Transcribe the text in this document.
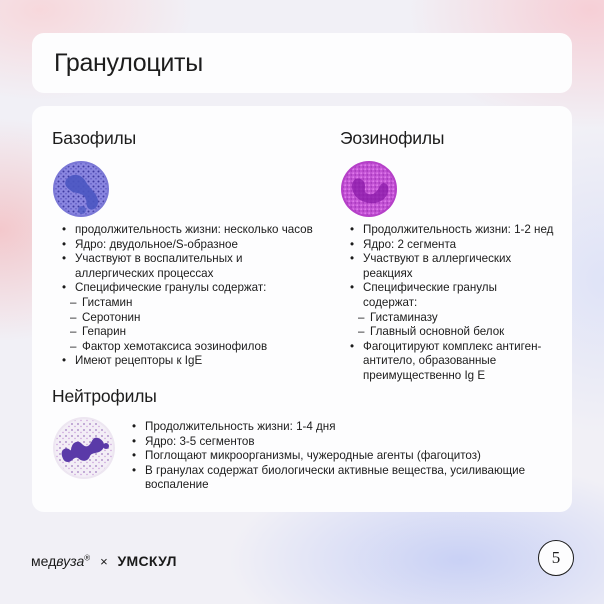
Гранулоциты
Базофилы
• продолжительность жизни: несколько часов
• Ядро: двудольное/S-образное
• Участвуют в воспалительных и аллергических процессах
• Специфические гранулы содержат:
– Гистамин
– Серотонин
– Гепарин
– Фактор хемотаксиса эозинофилов
• Имеют рецепторы к IgE
Эозинофилы
• Продолжительность жизни: 1-2 нед
• Ядро: 2 сегмента
• Участвуют в аллергических реакциях
• Специфические гранулы содержат:
– Гистаминазу
– Главный основной белок
• Фагоцитируют комплекс антиген-антитело, образованные преимущественно Ig E
Нейтрофилы
• Продолжительность жизни: 1-4 дня
• Ядро: 3-5 сегментов
• Поглощают микроорганизмы, чужеродные агенты (фагоцитоз)
• В гранулах содержат биологически активные вещества, усиливающие воспаление
медвуза® × УМСКУЛ	5
